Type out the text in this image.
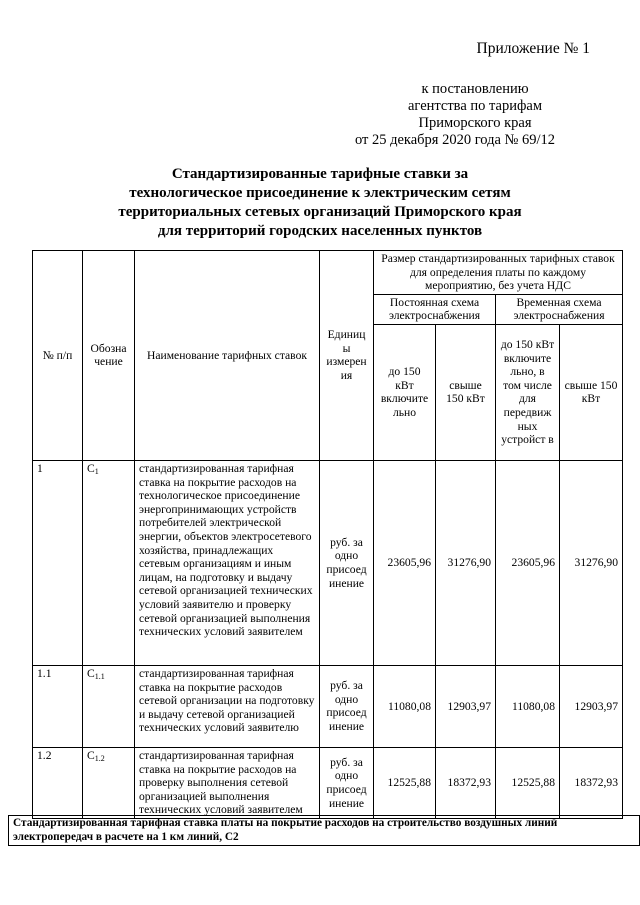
Приложение № 1
к постановлению
агентства по тарифам
Приморского края
от 25 декабря 2020 года № 69/12
Стандартизированные тарифные ставки за
технологическое присоединение к электрическим сетям
территориальных сетевых организаций Приморского края
для территорий городских населенных пунктов
№ п/п	Обозна чение	Наименование тарифных ставок	Единиц ы измерен ия	Размер стандартизированных тарифных ставок для определения платы по каждому мероприятию, без учета НДС			
				Постоянная схема электроснабжения		Временная схема электроснабжения	
				до 150 кВт включите льно	свыше 150 кВт	до 150 кВт включите льно, в том числе для передвиж ных устройст в	свыше 150 кВт
1	$C_1$	стандартизированная тарифная ставка на покрытие расходов на технологическое присоединение энергопринимающих устройств потребителей электрической энергии, объектов электросетевого хозяйства, принадлежащих сетевым организациям и иным лицам, на подготовку и выдачу сетевой организацией технических условий заявителю и проверку сетевой организацией выполнения технических условий заявителем	руб. за одно присоед инение	23605,96	31276,90	23605,96	31276,90
1.1	$C_{1.1}$	стандартизированная тарифная ставка на покрытие расходов сетевой организации на подготовку и выдачу сетевой организацией технических условий заявителю	руб. за одно присоед инение	11080,08	12903,97	11080,08	12903,97
1.2	$C_{1.2}$	стандартизированная тарифная ставка на покрытие расходов на проверку выполнения сетевой организацией выполнения технических условий заявителем	руб. за одно присоед инение	12525,88	18372,93	12525,88	18372,93
Стандартизированная тарифная ставка платы на покрытие расходов на строительство воздушных линий электропередач в расчете на 1 км линий, С2
